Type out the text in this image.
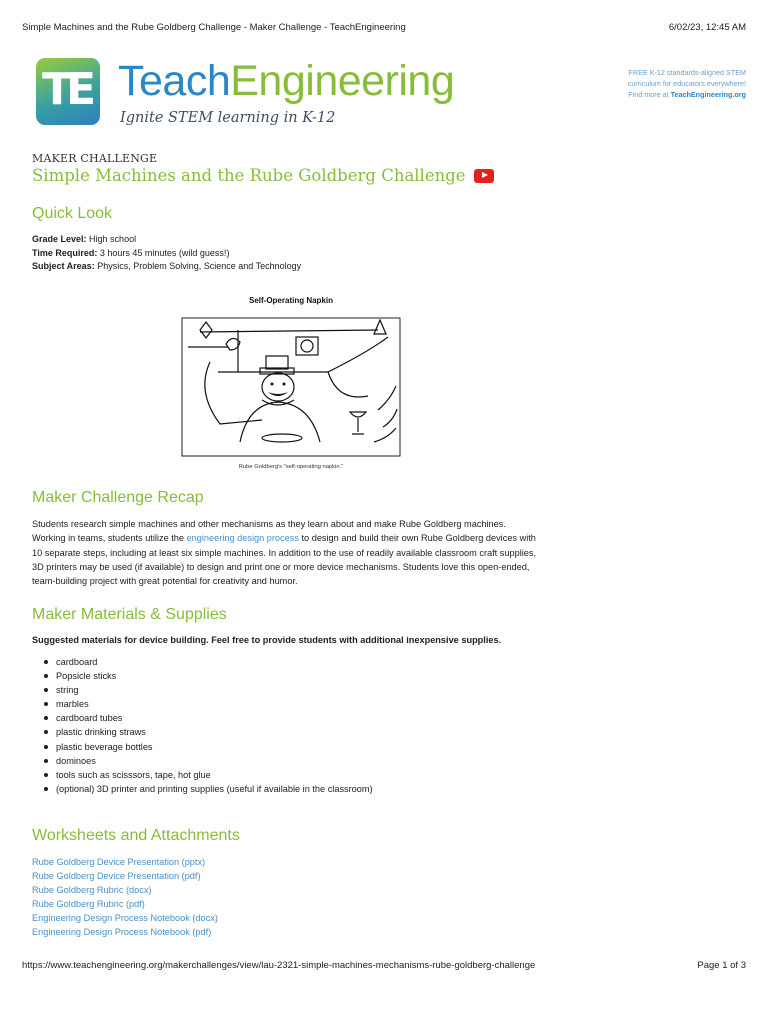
Simple Machines and the Rube Goldberg Challenge - Maker Challenge - TeachEngineering	6/02/23, 12:45 AM
TE TeachEngineering
Ignite STEM learning in K-12
FREE K-12 standards-aligned STEM
curriculum for educators everywhere!
Find more at TeachEngineering.org
MAKER CHALLENGE
Simple Machines and the Rube Goldberg Challenge
Quick Look
Grade Level: High school
Time Required: 3 hours 45 minutes (wild guess!)
Subject Areas: Physics, Problem Solving, Science and Technology
Self-Operating Napkin
Rube Goldberg's "self-operating napkin."
Maker Challenge Recap

Students research simple machines and other mechanisms as they learn about and make Rube Goldberg machines. Working in teams, students utilize the engineering design process to design and build their own Rube Goldberg devices with 10 separate steps, including at least six simple machines. In addition to the use of readily available classroom craft supplies, 3D printers may be used (if available) to design and print one or more device mechanisms. Students love this open-ended, team-building project with great potential for creativity and humor.

Maker Materials & Supplies

Suggested materials for device building. Feel free to provide students with additional inexpensive supplies.

cardboard
Popsicle sticks
string
marbles
cardboard tubes
plastic drinking straws
plastic beverage bottles
dominoes
tools such as scisssors, tape, hot glue
(optional) 3D printer and printing supplies (useful if available in the classroom)
Worksheets and Attachments
Rube Goldberg Device Presentation (pptx)
Rube Goldberg Device Presentation (pdf)
Rube Goldberg Rubric (docx)
Rube Goldberg Rubric (pdf)
Engineering Design Process Notebook (docx)
Engineering Design Process Notebook (pdf)
https://www.teachengineering.org/makerchallenges/view/lau-2321-simple-machines-mechanisms-rube-goldberg-challenge	Page 1 of 3
